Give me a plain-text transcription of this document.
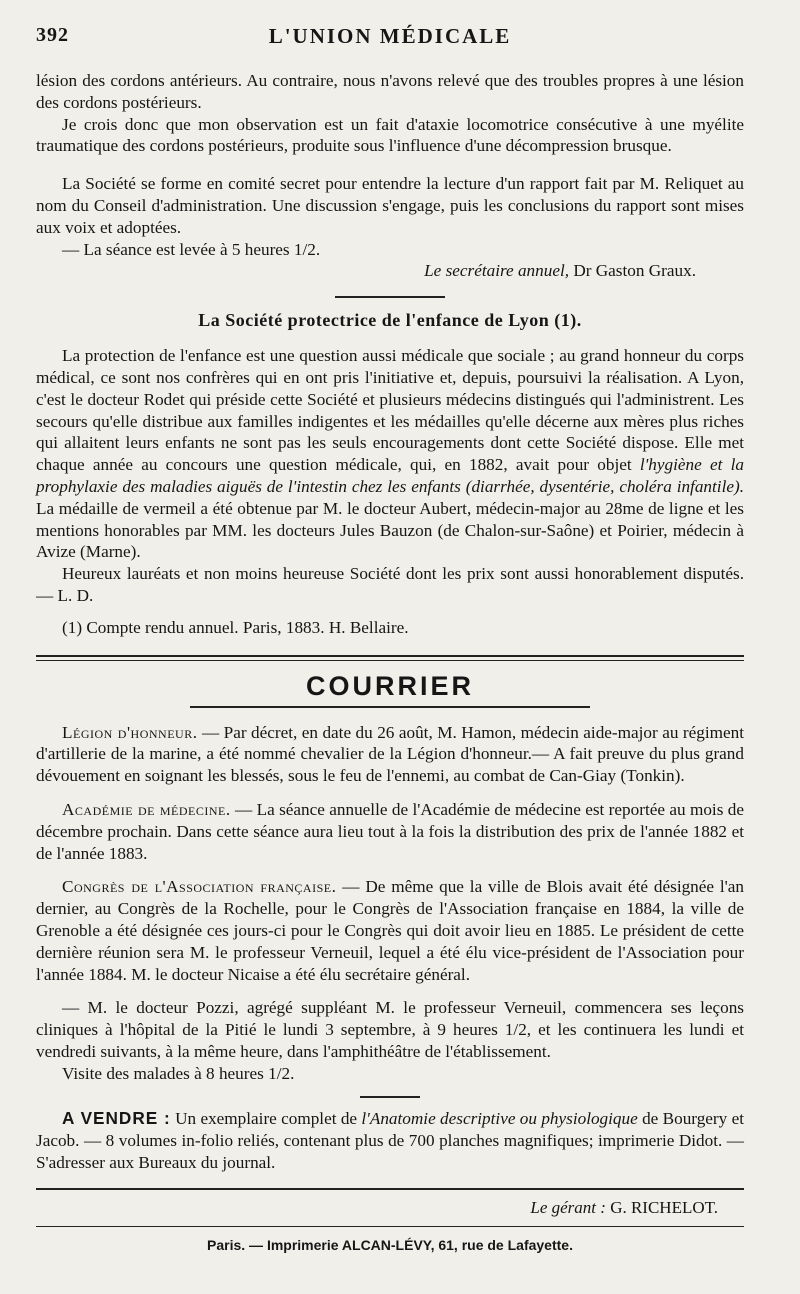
392	L'UNION MÉDICALE

lésion des cordons antérieurs. Au contraire, nous n'avons relevé que des troubles propres à une lésion des cordons postérieurs.

Je crois donc que mon observation est un fait d'ataxie locomotrice consécutive à une myélite traumatique des cordons postérieurs, produite sous l'influence d'une décompression brusque.

La Société se forme en comité secret pour entendre la lecture d'un rapport fait par M. Reliquet au nom du Conseil d'administration. Une discussion s'engage, puis les conclusions du rapport sont mises aux voix et adoptées.

— La séance est levée à 5 heures 1/2.

Le secrétaire annuel, Dr Gaston Graux.

La Société protectrice de l'enfance de Lyon (1).

La protection de l'enfance est une question aussi médicale que sociale ; au grand honneur du corps médical, ce sont nos confrères qui en ont pris l'initiative et, depuis, poursuivi la réalisation. A Lyon, c'est le docteur Rodet qui préside cette Société et plusieurs médecins distingués qui l'administrent. Les secours qu'elle distribue aux familles indigentes et les médailles qu'elle décerne aux mères plus riches qui allaitent leurs enfants ne sont pas les seuls encouragements dont cette Société dispose. Elle met chaque année au concours une question médicale, qui, en 1882, avait pour objet l'hygiène et la prophylaxie des maladies aiguës de l'intestin chez les enfants (diarrhée, dysentérie, choléra infantile). La médaille de vermeil a été obtenue par M. le docteur Aubert, médecin-major au 28me de ligne et les mentions honorables par MM. les docteurs Jules Bauzon (de Chalon-sur-Saône) et Poirier, médecin à Avize (Marne).

Heureux lauréats et non moins heureuse Société dont les prix sont aussi honorablement disputés. — L. D.

(1) Compte rendu annuel. Paris, 1883. H. Bellaire.

COURRIER

Légion d'honneur. — Par décret, en date du 26 août, M. Hamon, médecin aide-major au régiment d'artillerie de la marine, a été nommé chevalier de la Légion d'honneur.— A fait preuve du plus grand dévouement en soignant les blessés, sous le feu de l'ennemi, au combat de Can-Giay (Tonkin).

Académie de médecine. — La séance annuelle de l'Académie de médecine est reportée au mois de décembre prochain. Dans cette séance aura lieu tout à la fois la distribution des prix de l'année 1882 et de l'année 1883.

Congrès de l'Association française. — De même que la ville de Blois avait été désignée l'an dernier, au Congrès de la Rochelle, pour le Congrès de l'Association française en 1884, la ville de Grenoble a été désignée ces jours-ci pour le Congrès qui doit avoir lieu en 1885. Le président de cette dernière réunion sera M. le professeur Verneuil, lequel a été élu vice-président de l'Association pour l'année 1884. M. le docteur Nicaise a été élu secrétaire général.

— M. le docteur Pozzi, agrégé suppléant M. le professeur Verneuil, commencera ses leçons cliniques à l'hôpital de la Pitié le lundi 3 septembre, à 9 heures 1/2, et les continuera les lundi et vendredi suivants, à la même heure, dans l'amphithéâtre de l'établissement.

Visite des malades à 8 heures 1/2.

A VENDRE : Un exemplaire complet de l'Anatomie descriptive ou physiologique de Bourgery et Jacob. — 8 volumes in-folio reliés, contenant plus de 700 planches magnifiques; imprimerie Didot. — S'adresser aux Bureaux du journal.

Le gérant : G. RICHELOT.
Paris. — Imprimerie ALCAN-LÉVY, 61, rue de Lafayette.
